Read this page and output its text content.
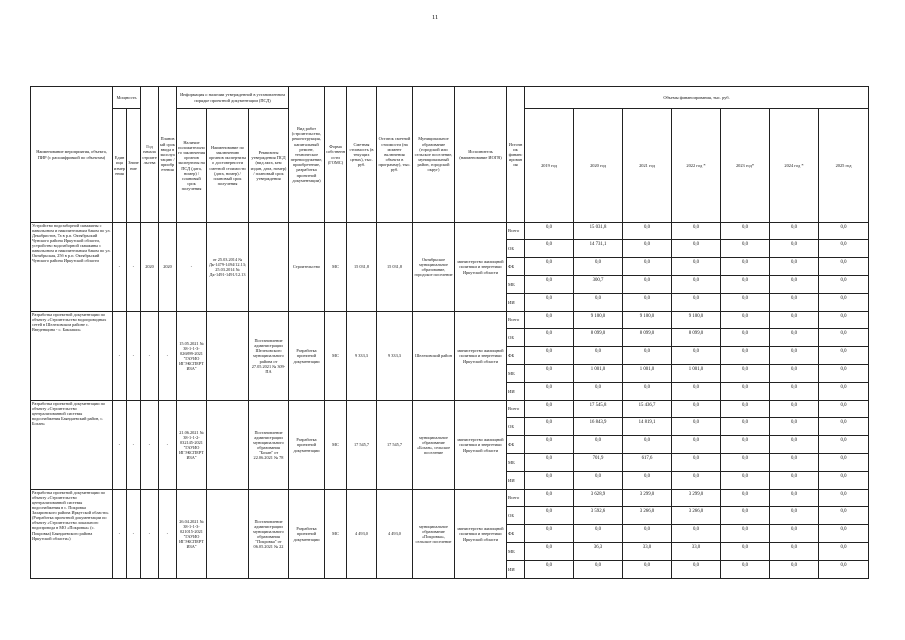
11
Наименование мероприятия, объекта, ПИР (с расшифровкой по объектам)	Мощность		Год начала строительства	Плановый срок ввода в эксплуатацию / приобретения	Информация о наличии утвержденной в установленном порядке проектной документации (ПСД)			Вид работ (строительство, реконструкция, капитальный ремонт, техническое перевооружение, приобретение, разработка проектной документации)	Форма собственности (ГОМС)	Сметная стоимость (в текущих ценах), тыс. руб.	Остаток сметной стоимости (на момент включения объекта в программу), тыс. руб.	Муниципальное образование (городской или сельское поселение, муниципальный район, городской округ)	Исполнитель (наименование ИОГВ)	Источник финансирования	Объемы финансирования, тыс. руб.						
	Единица измерения	Значение			Наличие положительного заключения органов экспертизы на ПСД (дата, номер) / плановый срок получения	Наименование по заключению органов экспертизы о достоверности сметной стоимости (дата, номер) / плановый срок получения	Реквизиты утверждения ПСД (вид акта, кем издан, дата, номер) / плановый срок утверждения								2019 год	2020 год	2021 год	2022 год *	2023 год*	2024 год *	2025 год
Устройство водозаборной скважины с павильоном и накопительным баком по ул. Декабристов, 7а в р.п. Октябрьский Чунского района Иркутской области, устройство водозаборной скважины с павильоном и накопительным баком по ул. Октябрьская, 25б в р.п. Октябрьский Чунского района Иркутской области	-	-	2020	2020	-	от 25.03.2014 № Дк-1479-1494/12.13; 25.03.2014 № Дк-1491-1491/12.13		Строительство	МС	15 031,8	15 031,8	Октябрьское муниципальное образование, городское поселение	министерство жилищной политики и энергетики Иркутской области	Всего	0,0	15 031,8	0,0	0,0	0,0	0,0	0,0
														ОБ	0,0	14 731,1	0,0	0,0	0,0	0,0	0,0
														ФБ	0,0	0,0	0,0	0,0	0,0	0,0	0,0
														МБ	0,0	300,7	0,0	0,0	0,0	0,0	0,0
														ИИ	0,0	0,0	0,0	0,0	0,0	0,0	0,0
Разработка проектной документации по объекту «Строительство водопроводных сетей в Шелеховском районе с. Введенщина - с. Баклаши»	-	-	-	-	15.05.2021 № 38-1-1-3-026899-2021 "ГАУИО ИГЭКСПЕРТИЗА"		Постановление администрации Шелеховского муниципального района от 27.05.2021 № 309-ПА	Разработка проектной документации	МС	9 333,3	9 333,3	Шелеховский район	министерство жилищной политики и энергетики Иркутской области	Всего	0,0	9 100,0	9 100,0	9 100,0	0,0	0,0	0,0
														ОБ	0,0	8 099,0	8 099,0	8 099,0	0,0	0,0	0,0
														ФБ	0,0	0,0	0,0	0,0	0,0	0,0	0,0
														МБ	0,0	1 001,0	1 001,0	1 001,0	0,0	0,0	0,0
														ИИ	0,0	0,0	0,0	0,0	0,0	0,0	0,0
Разработка проектной документации по объекту «Строительство централизованной системы водоснабжения Баяндаевский район, с. Бохан»	-	-	-	-	21.06.2021 № 38-1-1-2-032145-2021 "ГАУИО ИГЭКСПЕРТИЗА"		Постановление администрации муниципального образования "Бохан" от 22.06.2021 № 78	Разработка проектной документации	МС	17 545,7	17 545,7	муниципальное образование «Бохан», сельское поселение	министерство жилищной политики и энергетики Иркутской области	Всего	0,0	17 545,8	15 436,7	0,0	0,0	0,0	0,0
														ОБ	0,0	16 843,9	14 819,1	0,0	0,0	0,0	0,0
														ФБ	0,0	0,0	0,0	0,0	0,0	0,0	0,0
														МБ	0,0	701,9	617,6	0,0	0,0	0,0	0,0
														ИИ	0,0	0,0	0,0	0,0	0,0	0,0	0,0
Разработка проектной документации по объекту «Строительство централизованной системы водоснабжения в с. Покровка Заларинского района Иркутской области» (Разработка проектной документации по объекту «Строительство локального водопровода в МО «Покровка» (с. Покровка) Баяндаевского района Иркутской области»)	-	-	-	-	26.04.2021 № 38-1-1-3-021015-2021 "ГАУИО ИГЭКСПЕРТИЗА"		Постановление администрации муниципального образования "Покровка" от 06.05.2021 № 22	Разработка проектной документации	МС	4 493,0	4 493,0	муниципальное образование «Покровка», сельское поселение	министерство жилищной политики и энергетики Иркутской области	Всего	0,0	3 628,9	3 299,0	3 299,0	0,0	0,0	0,0
														ОБ	0,0	3 592,6	3 266,0	3 266,0	0,0	0,0	0,0
														ФБ	0,0	0,0	0,0	0,0	0,0	0,0	0,0
														МБ	0,0	36,3	33,0	33,0	0,0	0,0	0,0
														ИИ	0,0	0,0	0,0	0,0	0,0	0,0	0,0
